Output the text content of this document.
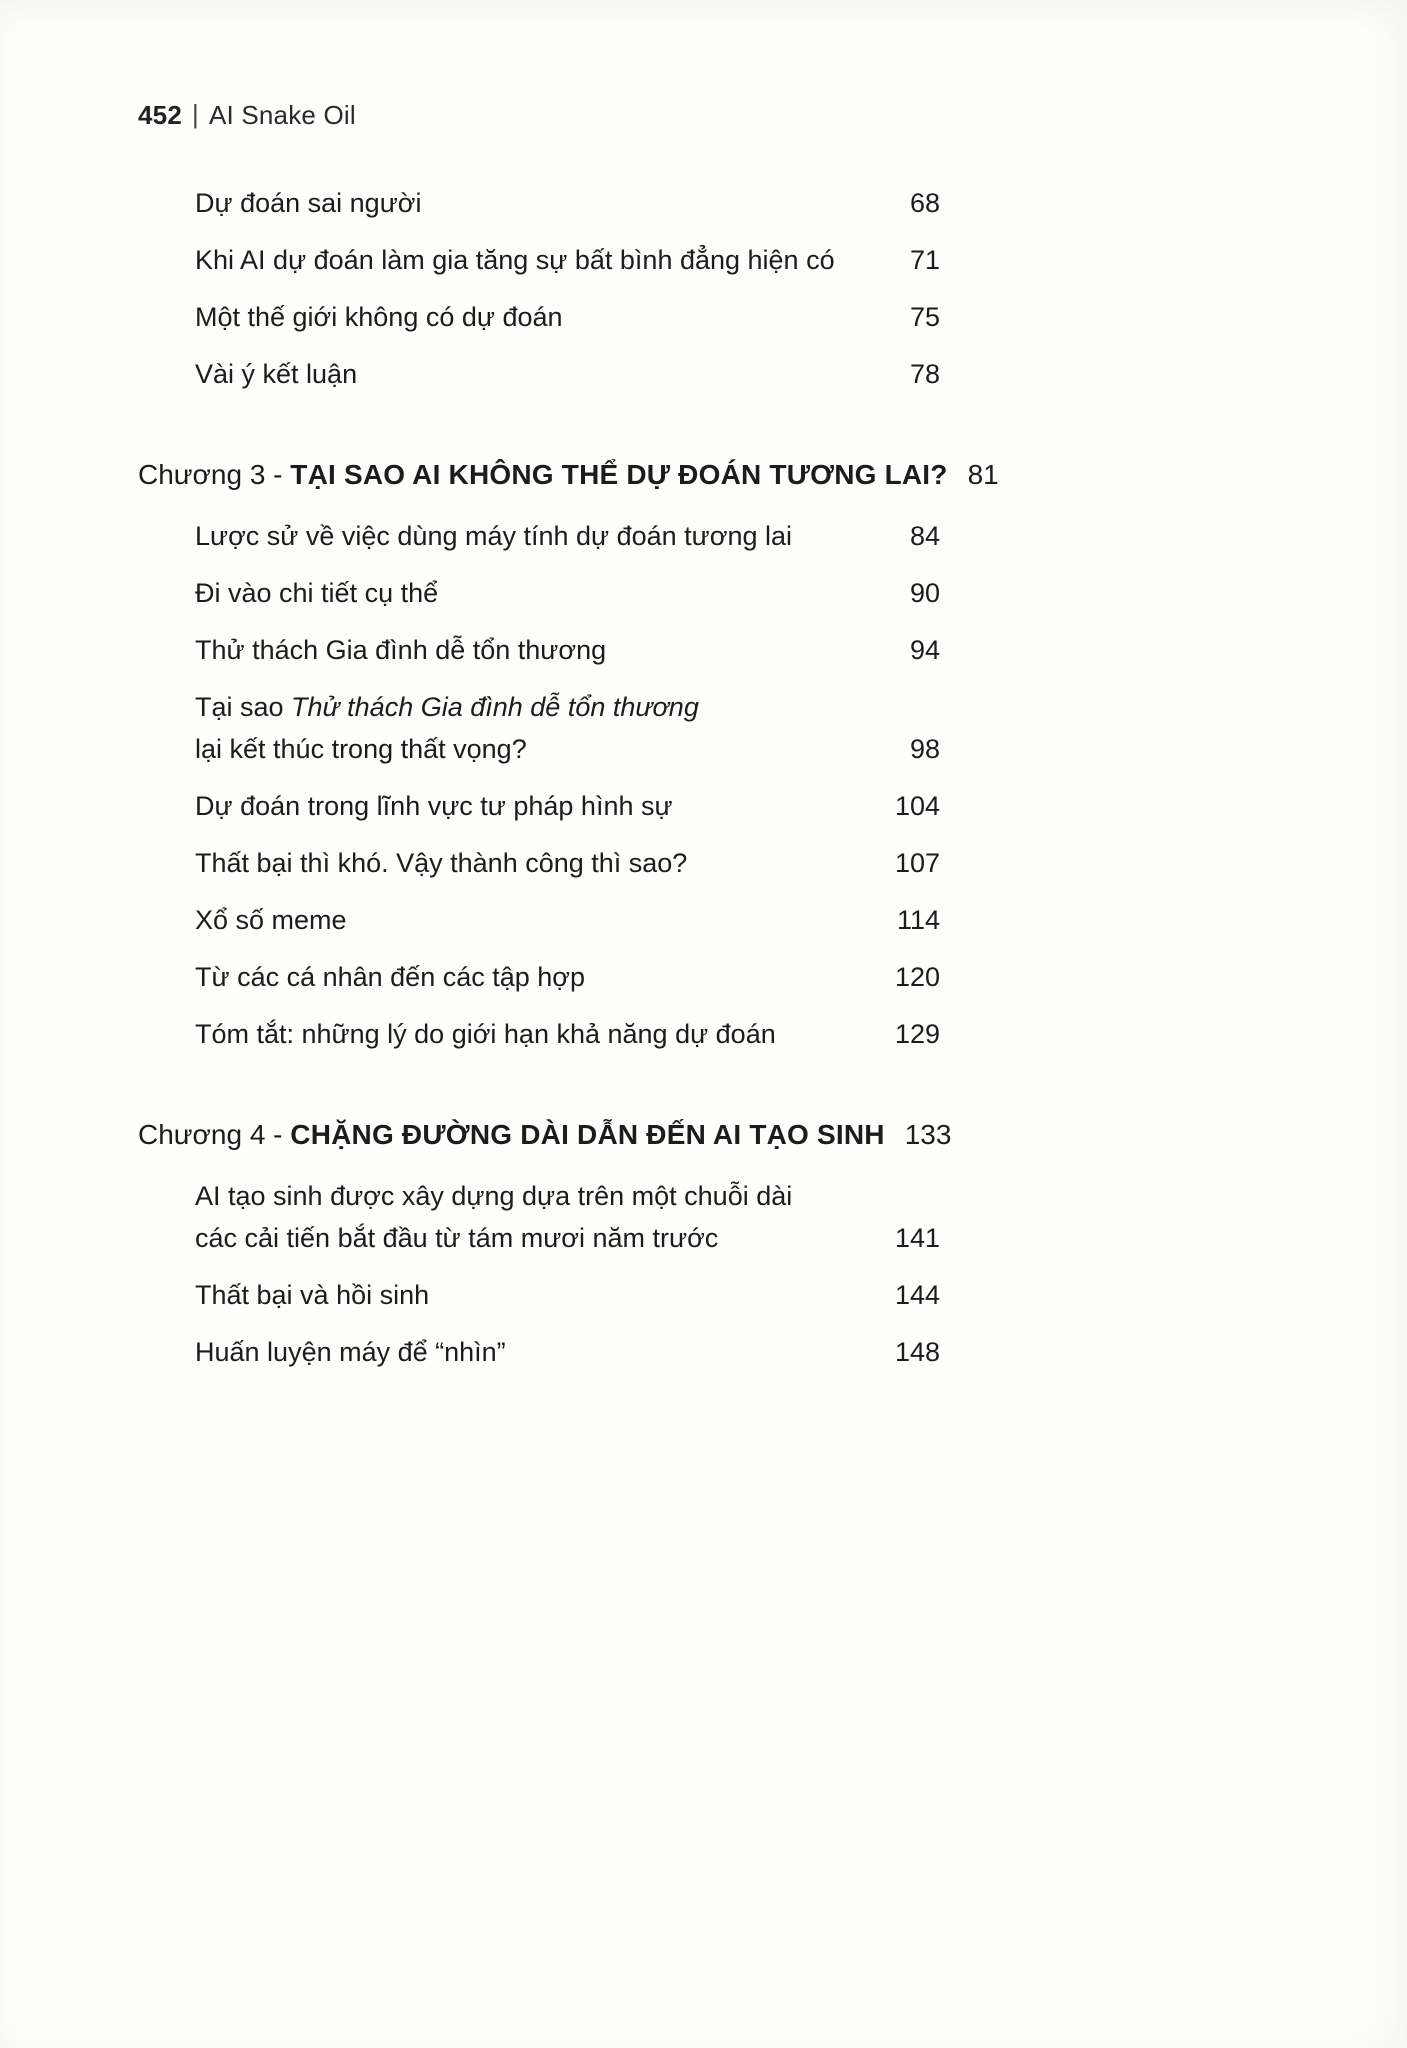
452 | AI Snake Oil
Dự đoán sai người	68
Khi AI dự đoán làm gia tăng sự bất bình đẳng hiện có	71
Một thế giới không có dự đoán	75
Vài ý kết luận	78
Chương 3 - TẠI SAO AI KHÔNG THỂ DỰ ĐOÁN TƯƠNG LAI? 81
Lược sử về việc dùng máy tính dự đoán tương lai	84
Đi vào chi tiết cụ thể	90
Thử thách Gia đình dễ tổn thương	94
Tại sao Thử thách Gia đình dễ tổn thương
lại kết thúc trong thất vọng?	98
Dự đoán trong lĩnh vực tư pháp hình sự	104
Thất bại thì khó. Vậy thành công thì sao?	107
Xổ số meme	114
Từ các cá nhân đến các tập hợp	120
Tóm tắt: những lý do giới hạn khả năng dự đoán	129
Chương 4 - CHẶNG ĐƯỜNG DÀI DẪN ĐẾN AI TẠO SINH 133
AI tạo sinh được xây dựng dựa trên một chuỗi dài
các cải tiến bắt đầu từ tám mươi năm trước	141
Thất bại và hồi sinh	144
Huấn luyện máy để “nhìn”	148
